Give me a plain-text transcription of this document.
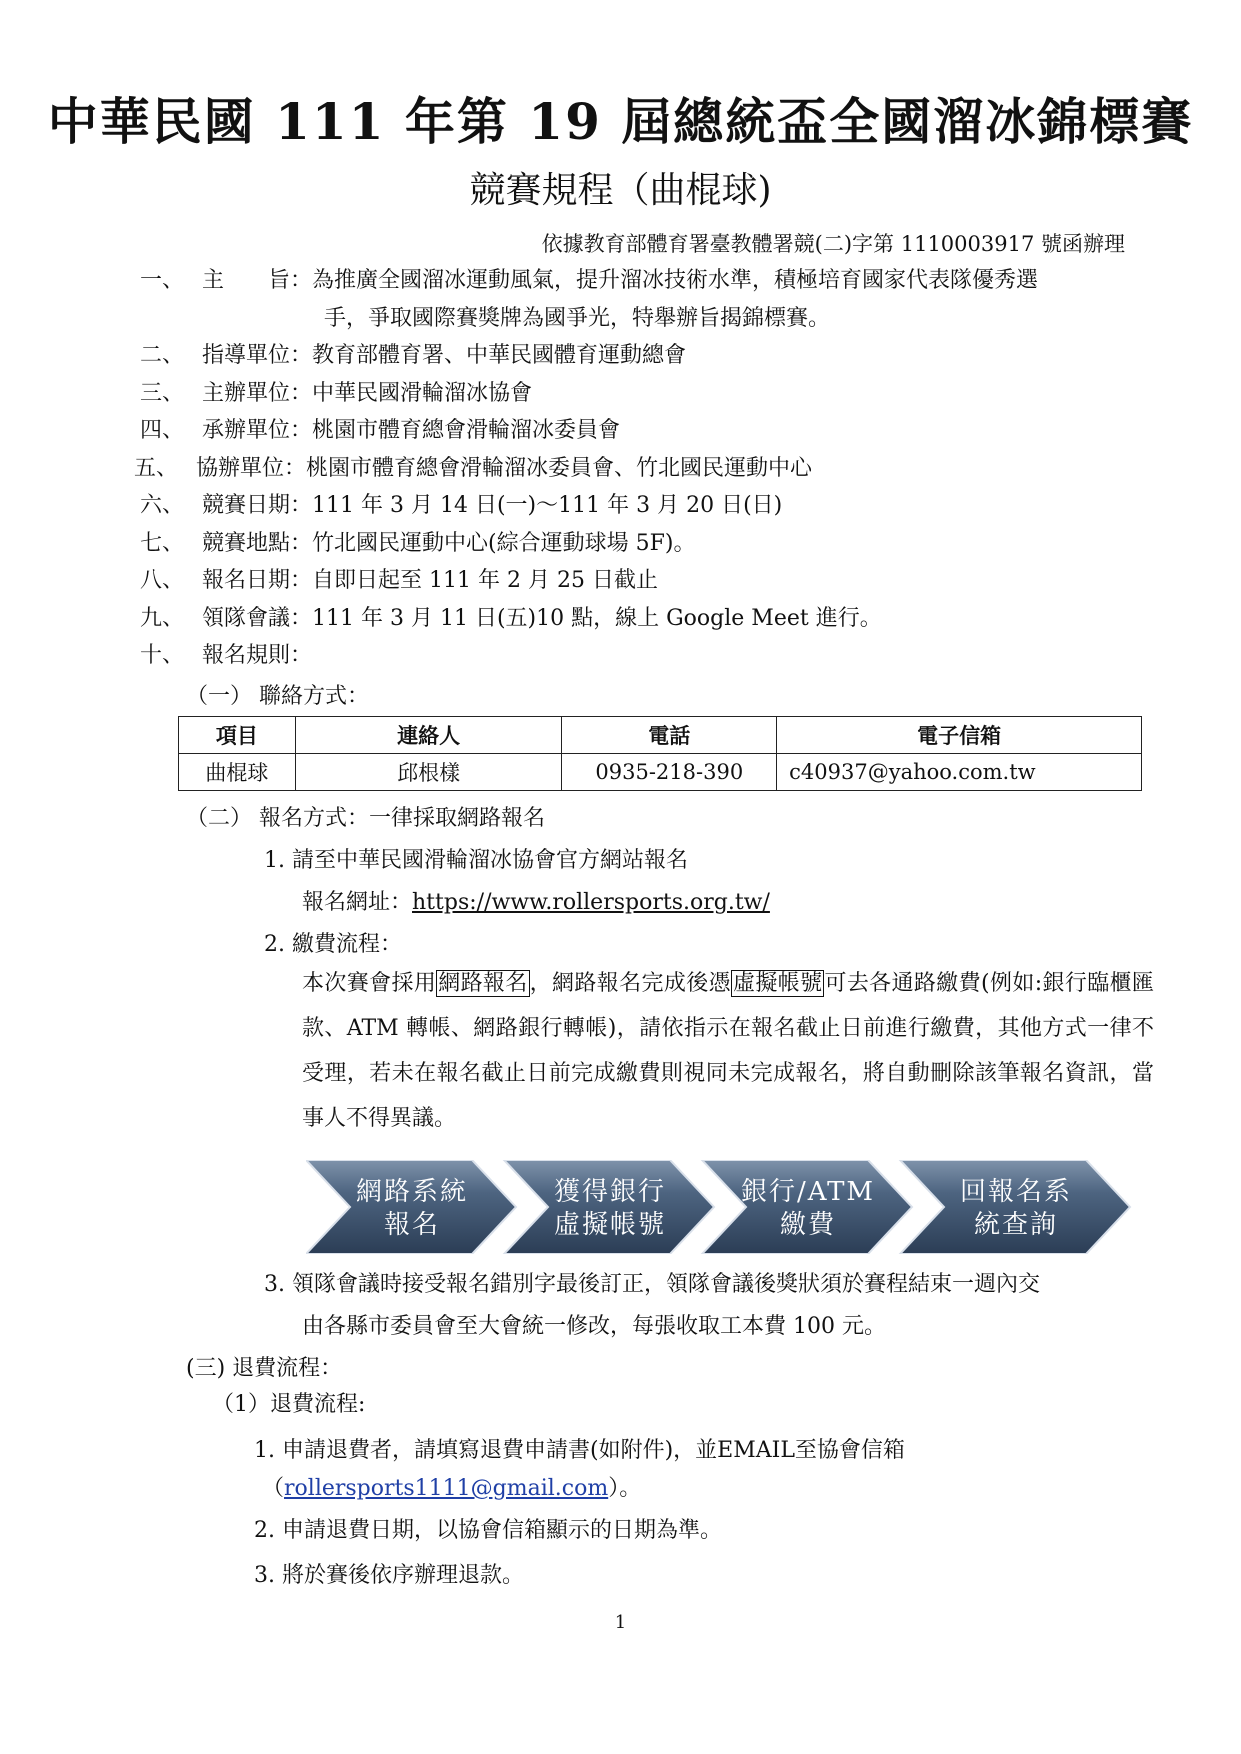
中華民國 111 年第 19 屆總統盃全國溜冰錦標賽
競賽規程（曲棍球)
依據教育部體育署臺教體署競(二)字第 1110003917 號函辦理
一、 主　　旨：為推廣全國溜冰運動風氣，提升溜冰技術水準，積極培育國家代表隊優秀選
手，爭取國際賽獎牌為國爭光，特舉辦旨揭錦標賽。
二、 指導單位：教育部體育署、中華民國體育運動總會
三、 主辦單位：中華民國滑輪溜冰協會
四、 承辦單位：桃園市體育總會滑輪溜冰委員會
五、 協辦單位：桃園市體育總會滑輪溜冰委員會、竹北國民運動中心
六、 競賽日期：111 年 3 月 14 日(一)～111 年 3 月 20 日(日)
七、 競賽地點：竹北國民運動中心(綜合運動球場 5F)。
八、 報名日期：自即日起至 111 年 2 月 25 日截止
九、 領隊會議：111 年 3 月 11 日(五)10 點，線上 Google Meet 進行。
十、 報名規則：
（一） 聯絡方式：
項目	連絡人	電話	電子信箱
曲棍球	邱根樣	0935-218-390	c40937@yahoo.com.tw
（二） 報名方式：一律採取網路報名
1. 請至中華民國滑輪溜冰協會官方網站報名
報名網址：https://www.rollersports.org.tw/
2. 繳費流程：
本次賽會採用網路報名，網路報名完成後憑虛擬帳號可去各通路繳費(例如:銀行臨櫃匯款、ATM 轉帳、網路銀行轉帳)，請依指示在報名截止日前進行繳費，其他方式一律不受理，若未在報名截止日前完成繳費則視同未完成報名，將自動刪除該筆報名資訊，當事人不得異議。
網路系統
報名
獲得銀行
虛擬帳號
銀行/ATM
繳費
回報名系
統查詢
3. 領隊會議時接受報名錯別字最後訂正，領隊會議後獎狀須於賽程結束一週內交
由各縣市委員會至大會統一修改，每張收取工本費 100 元。
(三) 退費流程：
（1）退費流程:
1. 申請退費者，請填寫退費申請書(如附件)，並EMAIL至協會信箱
（rollersports1111@gmail.com）。
2. 申請退費日期，以協會信箱顯示的日期為準。
3. 將於賽後依序辦理退款。
1
